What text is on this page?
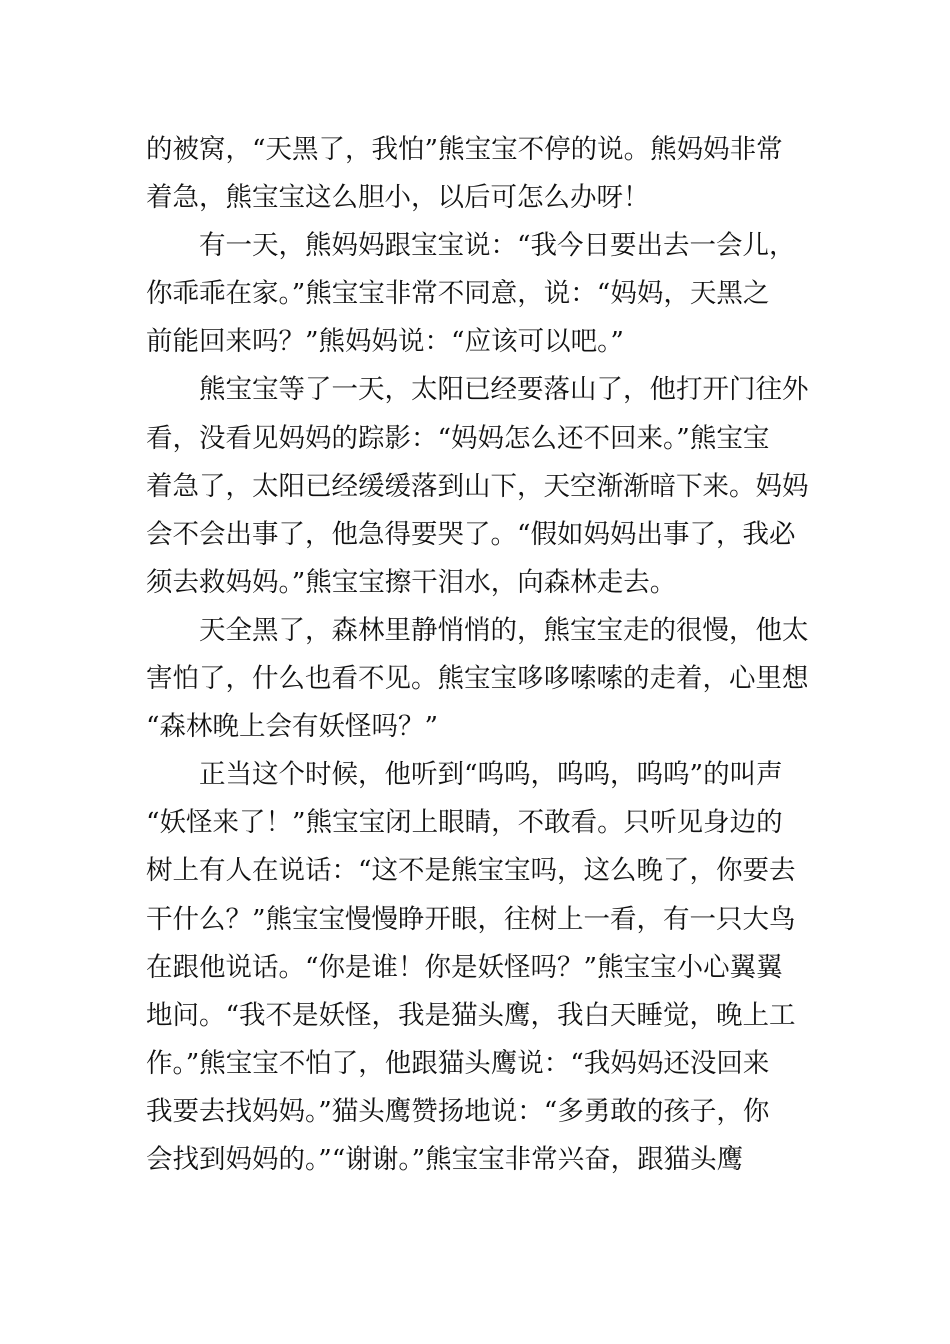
的被窝，“天黑了，我怕”熊宝宝不停的说。熊妈妈非常
着急，熊宝宝这么胆小，以后可怎么办呀！
有一天，熊妈妈跟宝宝说：“我今日要出去一会儿，
你乖乖在家。”熊宝宝非常不同意，说：“妈妈，天黑之
前能回来吗？”熊妈妈说：“应该可以吧。”
熊宝宝等了一天，太阳已经要落山了，他打开门往外
看，没看见妈妈的踪影：“妈妈怎么还不回来。”熊宝宝
着急了，太阳已经缓缓落到山下，天空渐渐暗下来。妈妈
会不会出事了，他急得要哭了。“假如妈妈出事了，我必
须去救妈妈。”熊宝宝擦干泪水，向森林走去。
天全黑了，森林里静悄悄的，熊宝宝走的很慢，他太
害怕了，什么也看不见。熊宝宝哆哆嗦嗦的走着，心里想
“森林晚上会有妖怪吗？”
正当这个时候，他听到“呜呜，呜呜，呜呜”的叫声
“妖怪来了！”熊宝宝闭上眼睛，不敢看。只听见身边的
树上有人在说话：“这不是熊宝宝吗，这么晚了，你要去
干什么？”熊宝宝慢慢睁开眼，往树上一看，有一只大鸟
在跟他说话。“你是谁！你是妖怪吗？”熊宝宝小心翼翼
地问。“我不是妖怪，我是猫头鹰，我白天睡觉，晚上工
作。”熊宝宝不怕了，他跟猫头鹰说：“我妈妈还没回来
我要去找妈妈。”猫头鹰赞扬地说：“多勇敢的孩子，你
会找到妈妈的。”“谢谢。”熊宝宝非常兴奋，跟猫头鹰
